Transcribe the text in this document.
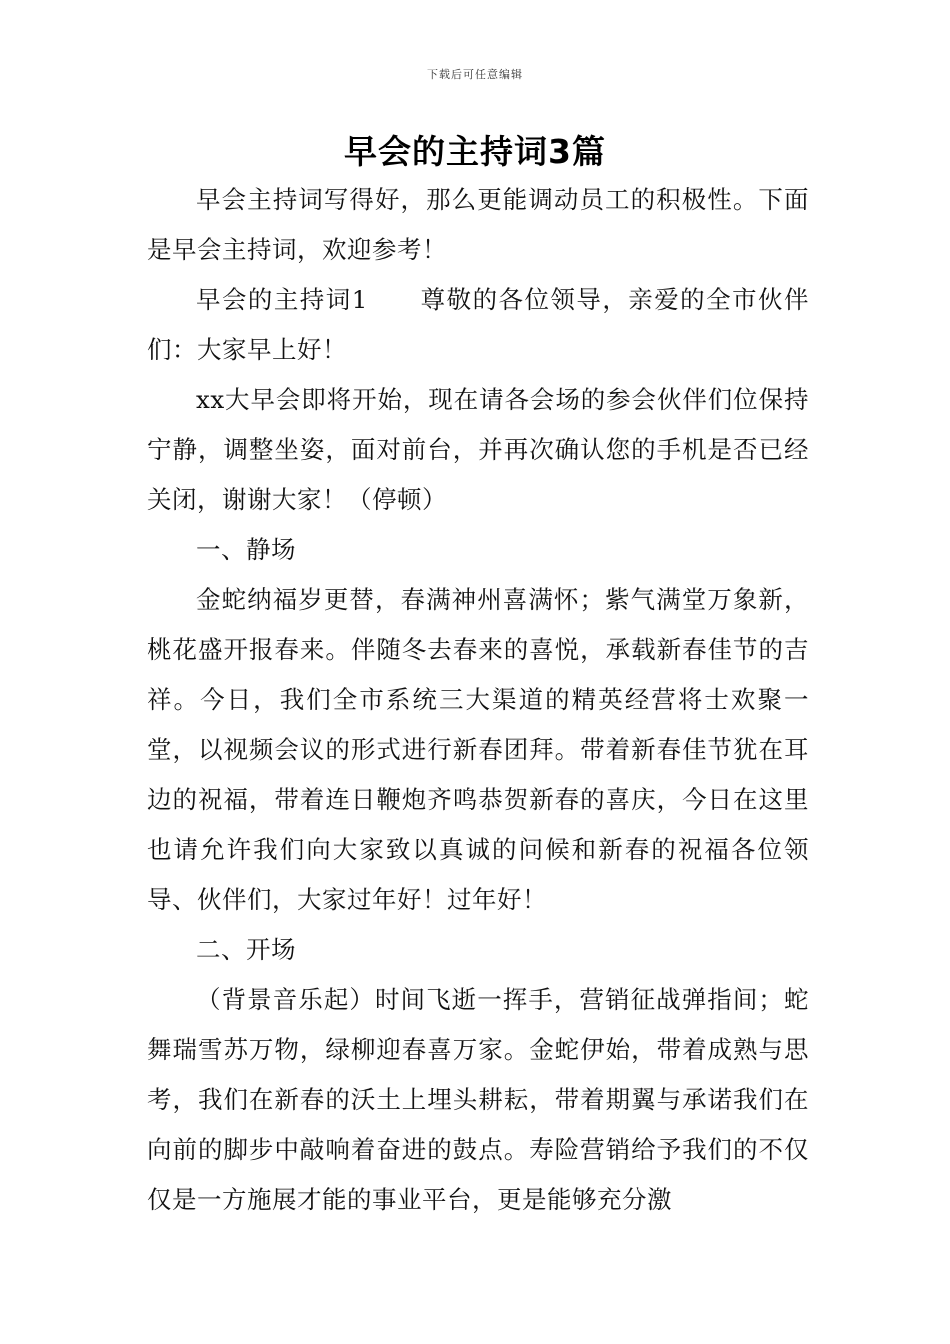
下载后可任意编辑
早会的主持词3篇

早会主持词写得好，那么更能调动员工的积极性。下面是早会主持词，欢迎参考！

早会的主持词1　　尊敬的各位领导，亲爱的全市伙伴们：大家早上好！

xx大早会即将开始，现在请各会场的参会伙伴们位保持宁静，调整坐姿，面对前台，并再次确认您的手机是否已经关闭，谢谢大家！（停顿）

一、静场

金蛇纳福岁更替，春满神州喜满怀；紫气满堂万象新，桃花盛开报春来。伴随冬去春来的喜悦，承载新春佳节的吉祥。今日，我们全市系统三大渠道的精英经营将士欢聚一堂，以视频会议的形式进行新春团拜。带着新春佳节犹在耳边的祝福，带着连日鞭炮齐鸣恭贺新春的喜庆，今日在这里也请允许我们向大家致以真诚的问候和新春的祝福各位领导、伙伴们，大家过年好！过年好！

二、开场

（背景音乐起）时间飞逝一挥手，营销征战弹指间；蛇舞瑞雪苏万物，绿柳迎春喜万家。金蛇伊始，带着成熟与思考，我们在新春的沃土上埋头耕耘，带着期翼与承诺我们在向前的脚步中敲响着奋进的鼓点。寿险营销给予我们的不仅仅是一方施展才能的事业平台，更是能够充分激
